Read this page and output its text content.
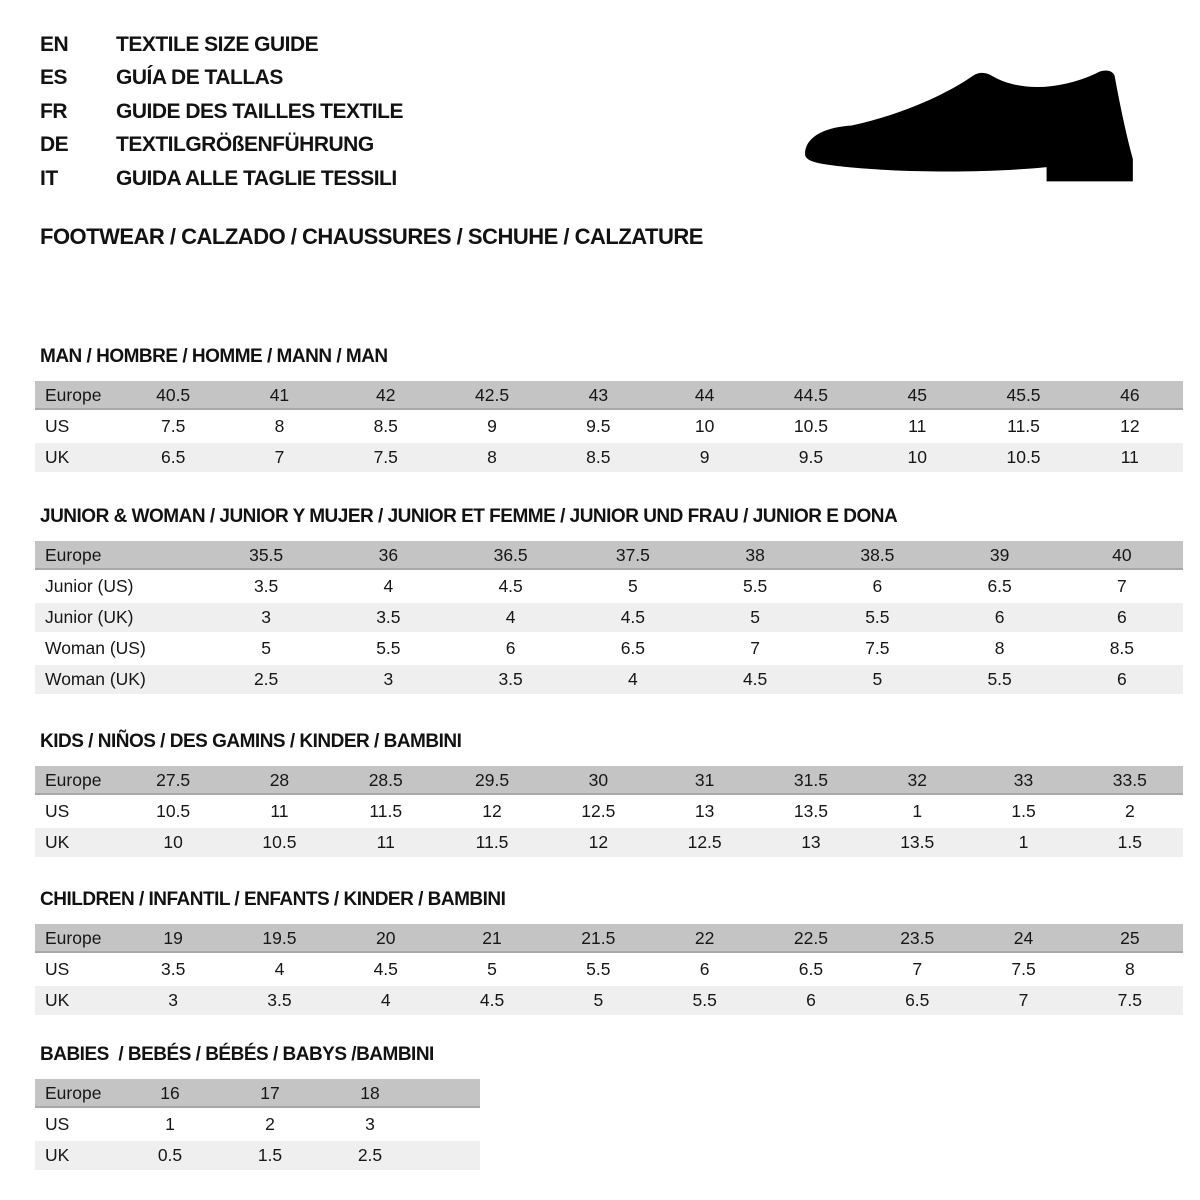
EN	TEXTILE SIZE GUIDE
ES	GUÍA DE TALLAS
FR	GUIDE DES TAILLES TEXTILE
DE	TEXTILGRÖßENFÜHRUNG
IT	GUIDA ALLE TAGLIE TESSILI
FOOTWEAR / CALZADO / CHAUSSURES / SCHUHE / CALZATURE
MAN / HOMBRE / HOMME / MANN / MAN
Europe	40.5	41	42	42.5	43	44	44.5	45	45.5	46
US	7.5	8	8.5	9	9.5	10	10.5	11	11.5	12
UK	6.5	7	7.5	8	8.5	9	9.5	10	10.5	11
JUNIOR & WOMAN / JUNIOR Y MUJER / JUNIOR ET FEMME / JUNIOR UND FRAU / JUNIOR E DONA
Europe	35.5	36	36.5	37.5	38	38.5	39	40
Junior (US)	3.5	4	4.5	5	5.5	6	6.5	7
Junior (UK)	3	3.5	4	4.5	5	5.5	6	6
Woman (US)	5	5.5	6	6.5	7	7.5	8	8.5
Woman (UK)	2.5	3	3.5	4	4.5	5	5.5	6
KIDS / NIÑOS / DES GAMINS / KINDER / BAMBINI
Europe	27.5	28	28.5	29.5	30	31	31.5	32	33	33.5
US	10.5	11	11.5	12	12.5	13	13.5	1	1.5	2
UK	10	10.5	11	11.5	12	12.5	13	13.5	1	1.5
CHILDREN / INFANTIL / ENFANTS / KINDER / BAMBINI
Europe	19	19.5	20	21	21.5	22	22.5	23.5	24	25
US	3.5	4	4.5	5	5.5	6	6.5	7	7.5	8
UK	3	3.5	4	4.5	5	5.5	6	6.5	7	7.5
BABIES  / BEBÉS / BÉBÉS / BABYS /BAMBINI
Europe	16	17	18	
US	1	2	3	
UK	0.5	1.5	2.5	
